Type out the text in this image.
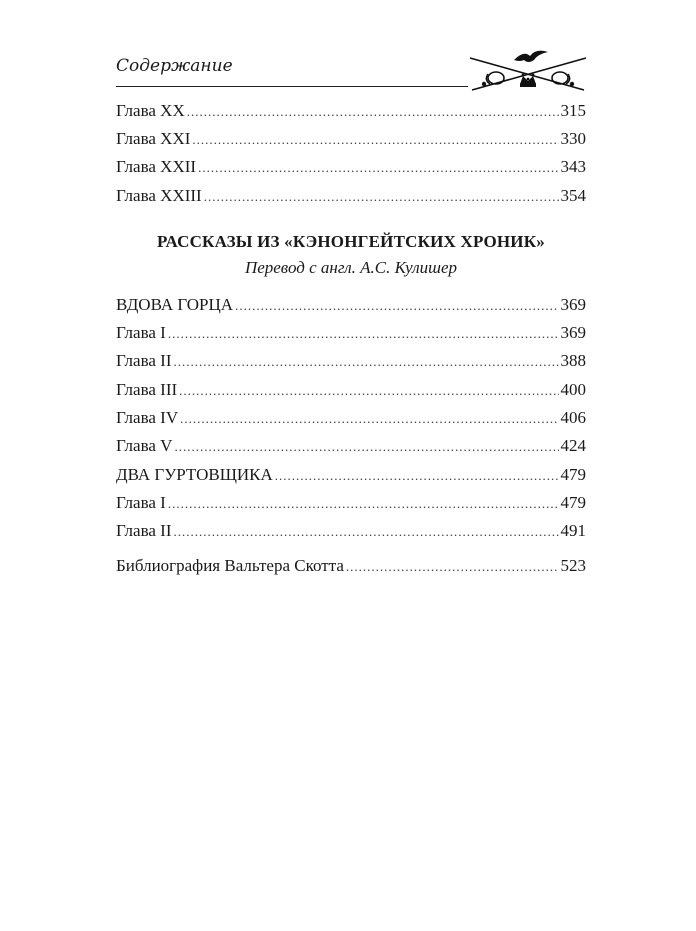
Содержание
Глава XX .....	315
Глава XXI .....	330
Глава XXII .....	343
Глава XXIII .....	354
РАССКАЗЫ ИЗ «КЭНОНГЕЙТСКИХ ХРОНИК»
Перевод с англ. А.С. Кулишер
ВДОВА ГОРЦА .....	369
Глава I .....	369
Глава II .....	388
Глава III .....	400
Глава IV .....	406
Глава V .....	424
ДВА ГУРТОВЩИКА .....	479
Глава I .....	479
Глава II .....	491
Библиография Вальтера Скотта .....	523
